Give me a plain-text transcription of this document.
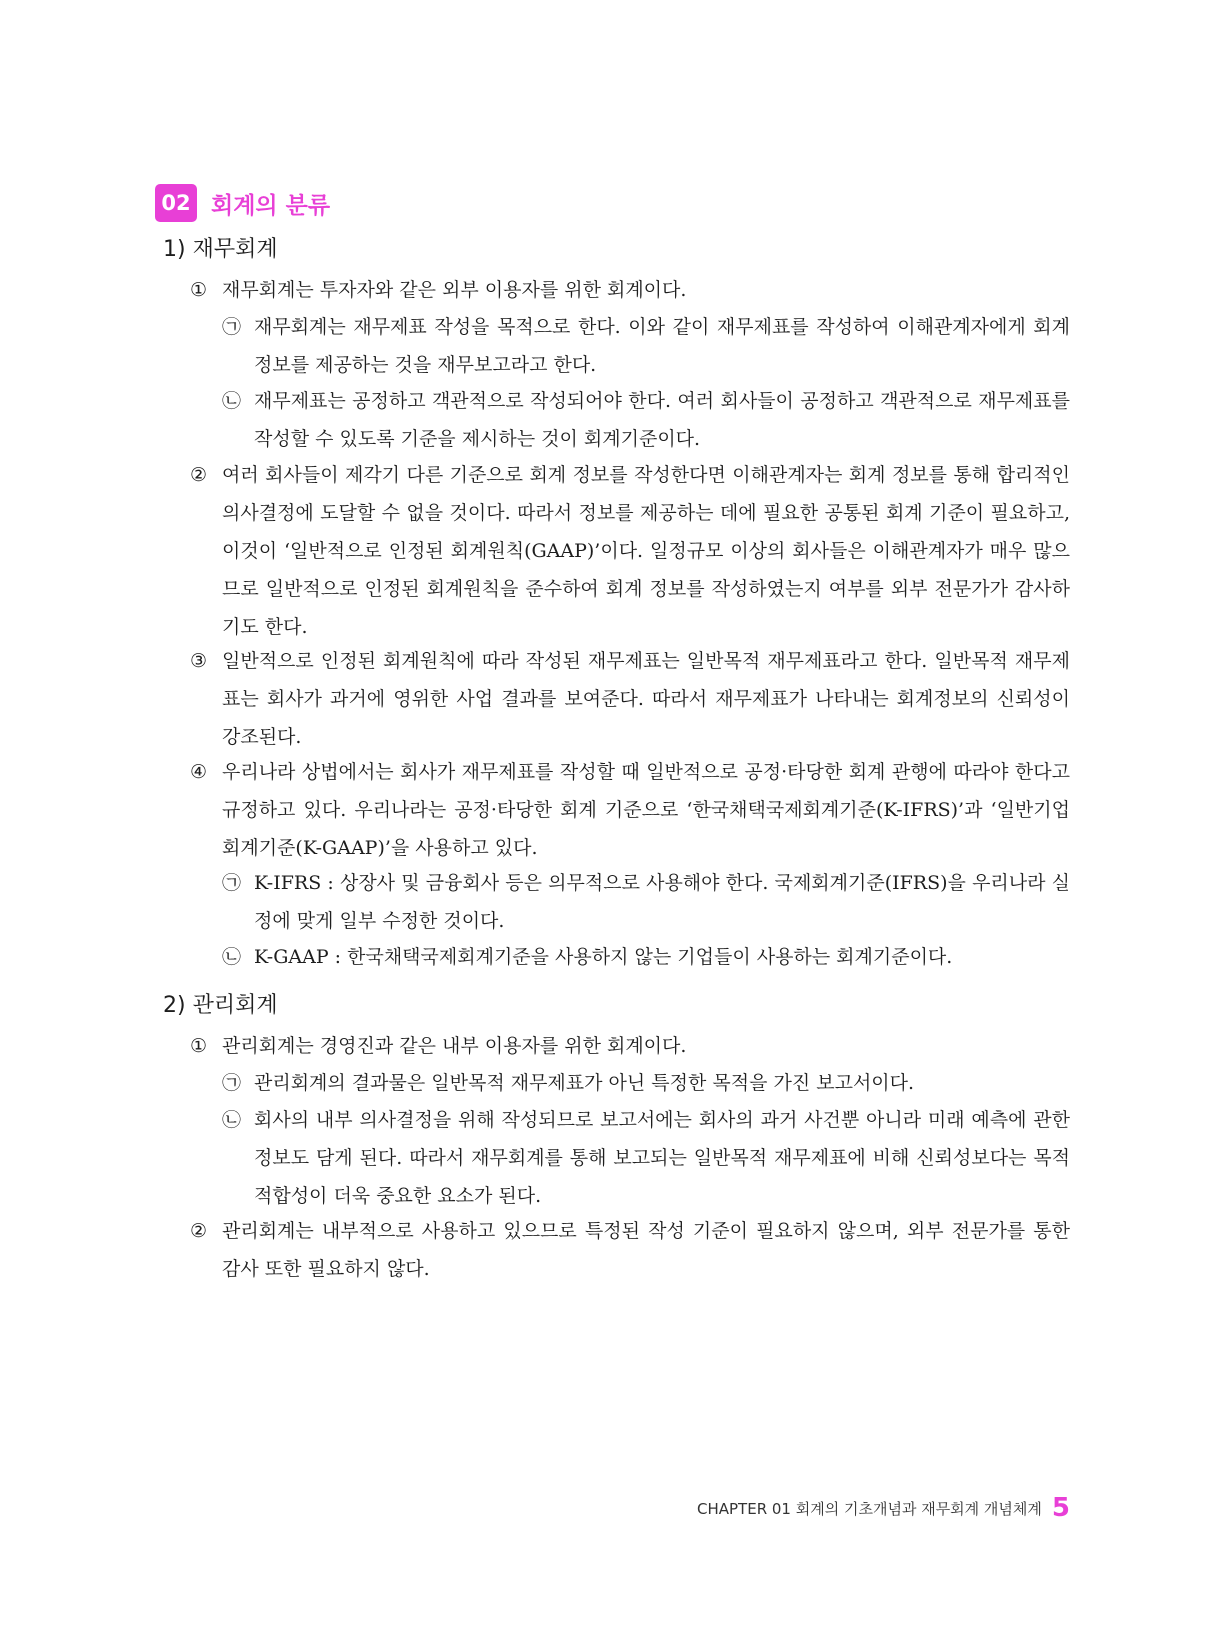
02 회계의 분류
1) 재무회계
① 재무회계는 투자자와 같은 외부 이용자를 위한 회계이다.
㉠ 재무회계는 재무제표 작성을 목적으로 한다. 이와 같이 재무제표를 작성하여 이해관계자에게 회계정보를 제공하는 것을 재무보고라고 한다.
㉡ 재무제표는 공정하고 객관적으로 작성되어야 한다. 여러 회사들이 공정하고 객관적으로 재무제표를 작성할 수 있도록 기준을 제시하는 것이 회계기준이다.
② 여러 회사들이 제각기 다른 기준으로 회계 정보를 작성한다면 이해관계자는 회계 정보를 통해 합리적인 의사결정에 도달할 수 없을 것이다. 따라서 정보를 제공하는 데에 필요한 공통된 회계 기준이 필요하고, 이것이 ‘일반적으로 인정된 회계원칙(GAAP)’이다. 일정규모 이상의 회사들은 이해관계자가 매우 많으므로 일반적으로 인정된 회계원칙을 준수하여 회계 정보를 작성하였는지 여부를 외부 전문가가 감사하기도 한다.
③ 일반적으로 인정된 회계원칙에 따라 작성된 재무제표는 일반목적 재무제표라고 한다. 일반목적 재무제표는 회사가 과거에 영위한 사업 결과를 보여준다. 따라서 재무제표가 나타내는 회계정보의 신뢰성이 강조된다.
④ 우리나라 상법에서는 회사가 재무제표를 작성할 때 일반적으로 공정·타당한 회계 관행에 따라야 한다고 규정하고 있다. 우리나라는 공정·타당한 회계 기준으로 ‘한국채택국제회계기준(K-IFRS)’과 ‘일반기업회계기준(K-GAAP)’을 사용하고 있다.
㉠ K-IFRS : 상장사 및 금융회사 등은 의무적으로 사용해야 한다. 국제회계기준(IFRS)을 우리나라 실정에 맞게 일부 수정한 것이다.
㉡ K-GAAP : 한국채택국제회계기준을 사용하지 않는 기업들이 사용하는 회계기준이다.
2) 관리회계
① 관리회계는 경영진과 같은 내부 이용자를 위한 회계이다.
㉠ 관리회계의 결과물은 일반목적 재무제표가 아닌 특정한 목적을 가진 보고서이다.
㉡ 회사의 내부 의사결정을 위해 작성되므로 보고서에는 회사의 과거 사건뿐 아니라 미래 예측에 관한 정보도 담게 된다. 따라서 재무회계를 통해 보고되는 일반목적 재무제표에 비해 신뢰성보다는 목적적합성이 더욱 중요한 요소가 된다.
② 관리회계는 내부적으로 사용하고 있으므로 특정된 작성 기준이 필요하지 않으며, 외부 전문가를 통한 감사 또한 필요하지 않다.
CHAPTER 01 회계의 기초개념과 재무회계 개념체계 5
